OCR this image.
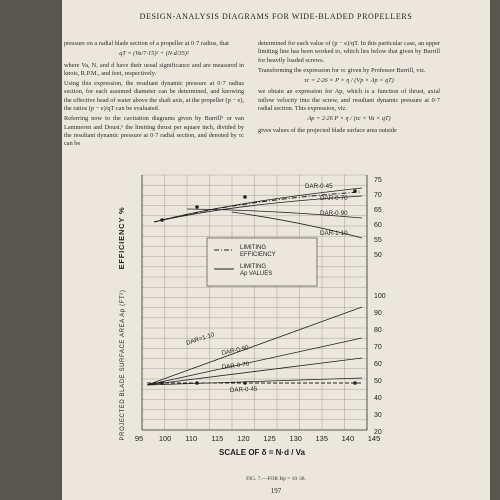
DESIGN-ANALYSIS DIAGRAMS FOR WIDE-BLADED PROPELLERS

pressure on a radial blade section of a propeller at 0·7 radius, that

qT = (Va/7·15)² + (N·d/35)²

where Va, N, and d have their usual significance and are measured in knots, R.P.M., and feet, respectively.

Using this expression, the resultant dynamic pressure at 0·7 radius section, for each assumed diameter can be determined, and knowing the effective head of water above the shaft axis, at the propeller (p − e), the ratios (p − e)/qT can be evaluated.

Referring now to the cavitation diagrams given by Burrill⁵ or van Lammeren and Doust,⁶ the limiting thrust per square inch, divided by the resultant dynamic pressure at 0·7 radial section, and denoted by τc can be

determined for each value of (p − e)/qT. In this particular case, an upper limiting line has been worked to, which lies below that given by Burrill for heavily loaded screws.

Transforming the expression for τc given by Professor Burrill, viz.

τc = 2·26 × P × η / (Vp × Ap × qT)

we obtain an expression for Ap, which is a function of thrust, axial inflow velocity into the screw, and resultant dynamic pressure at 0·7 radial section. This expression, viz.

Ap = 2·26 P × η / (τc × Va × qT)

gives values of the projected blade surface area outside

75
70
65
60
55
50
100
90
80
70
60
50
40
30
20
95 100 110 115 120 125 130 135 140 145
EFFICIENCY %
PROJECTED BLADE SURFACE AREA Ap (FT²)
DAR-0·45
DAR-0·70
DAR-0·90
DAR-1·10
LIMITING
EFFICIENCY
LIMITING
Ap VALUES
DAR=1·10
DAR-0·90
DAR-0·70
DAR-0·45
SCALE OF δ = N·d / Va
FIG. 7.—FOR Bp = 10·38.
197
